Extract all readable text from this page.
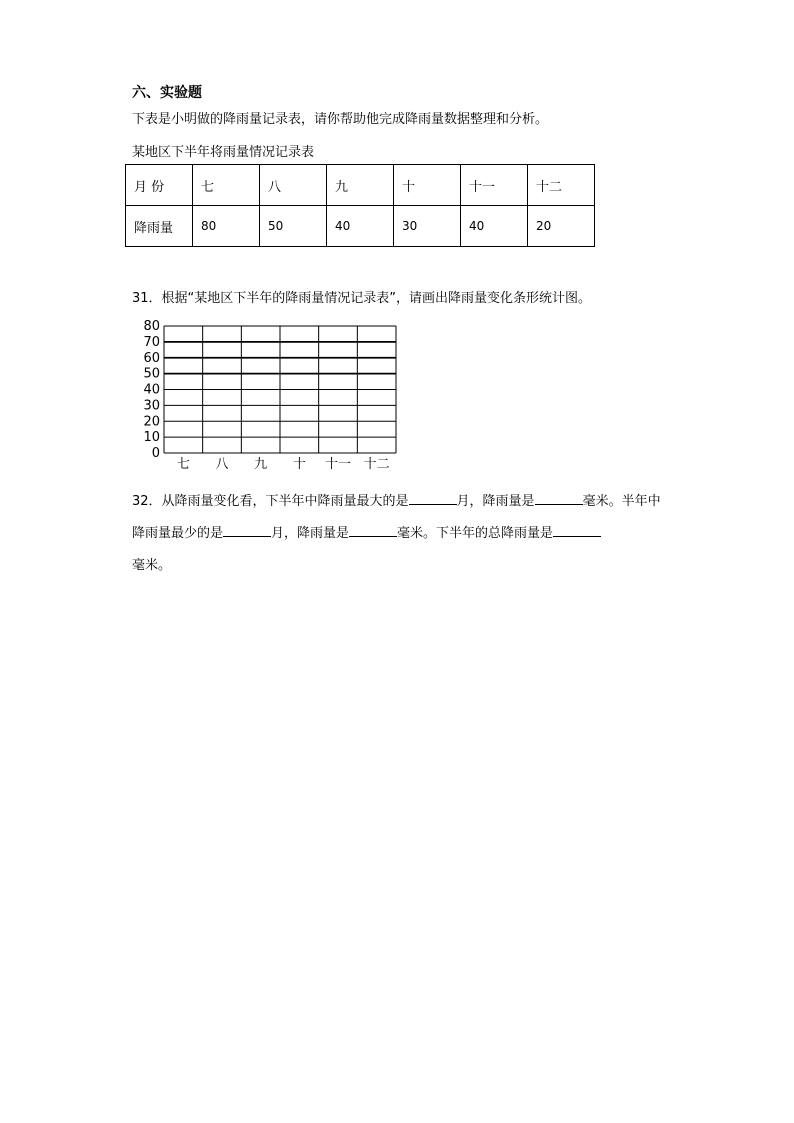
六、实验题
下表是小明做的降雨量记录表，请你帮助他完成降雨量数据整理和分析。
某地区下半年将雨量情况记录表
月 份	七	八	九	十	十一	十二
降雨量	80	50	40	30	40	20
31．根据“某地区下半年的降雨量情况记录表”，请画出降雨量变化条形统计图。
0
10
20
30
40
50
60
70
80
七 八 九 十 十一 十二
32．从降雨量变化看，下半年中降雨量最大的是	月，降雨量是	毫米。半年中降雨量最少的是	月，降雨量是	毫米。下半年的总降雨量是
毫米。
